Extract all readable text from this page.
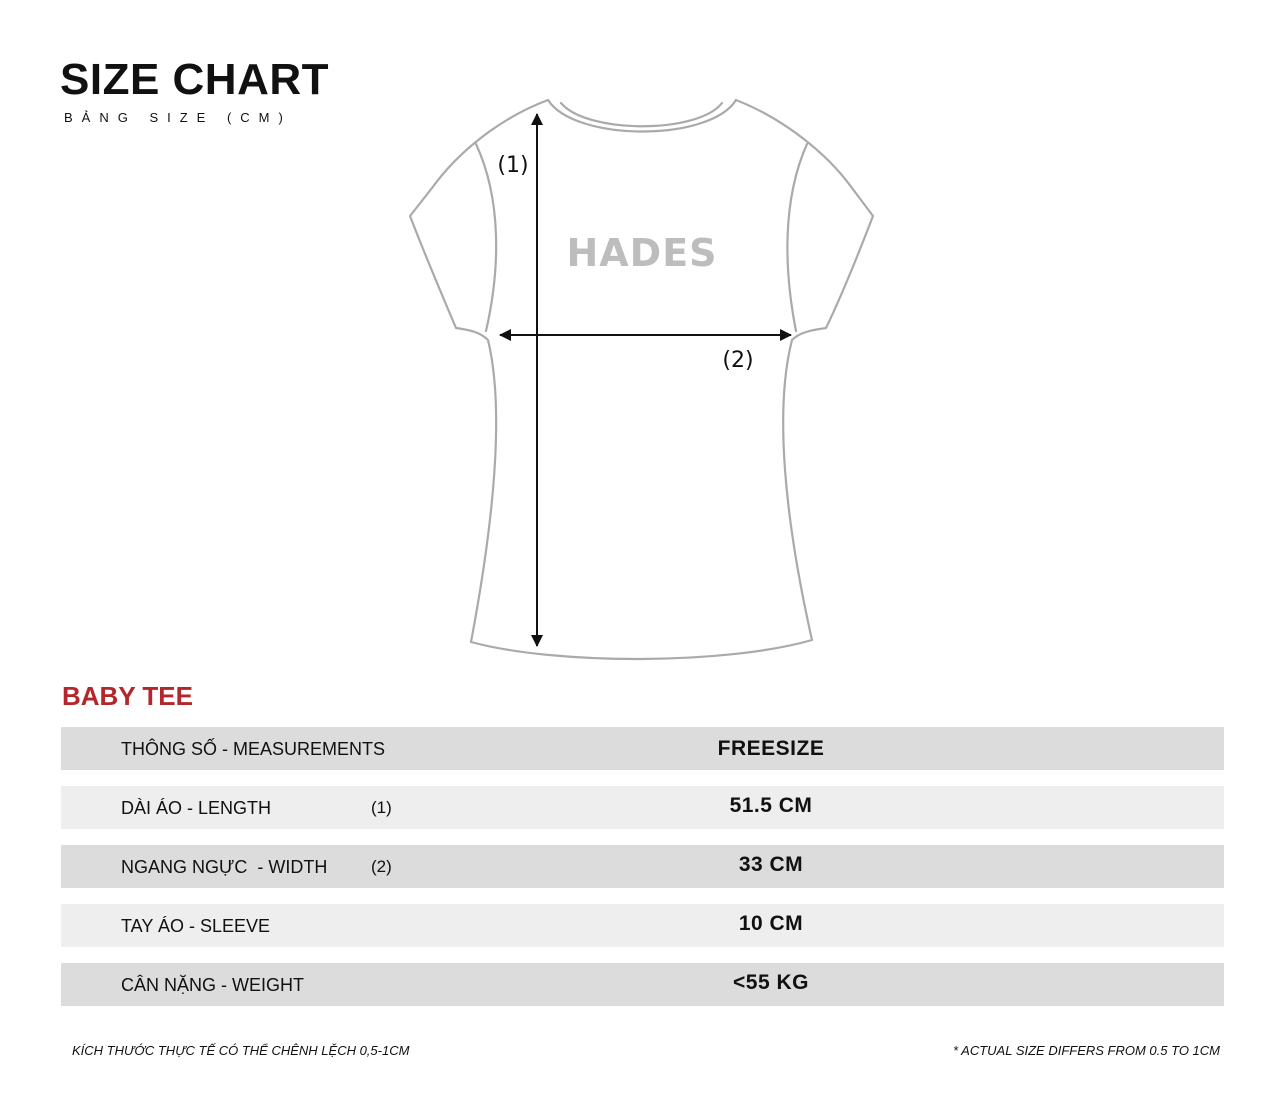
SIZE CHART
BẢNG SIZE (CM)
HADES
(1)
(2)
BABY TEE
THÔNG SỐ - MEASUREMENTS	FREESIZE
DÀI ÁO - LENGTH	(1)	51.5 CM
NGANG NGỰC  - WIDTH	(2)	33 CM
TAY ÁO - SLEEVE	10 CM
CÂN NẶNG - WEIGHT	<55 KG
KÍCH THƯỚC THỰC TẾ CÓ THỂ CHÊNH LỆCH 0,5-1CM	* ACTUAL SIZE DIFFERS FROM 0.5 TO 1CM
